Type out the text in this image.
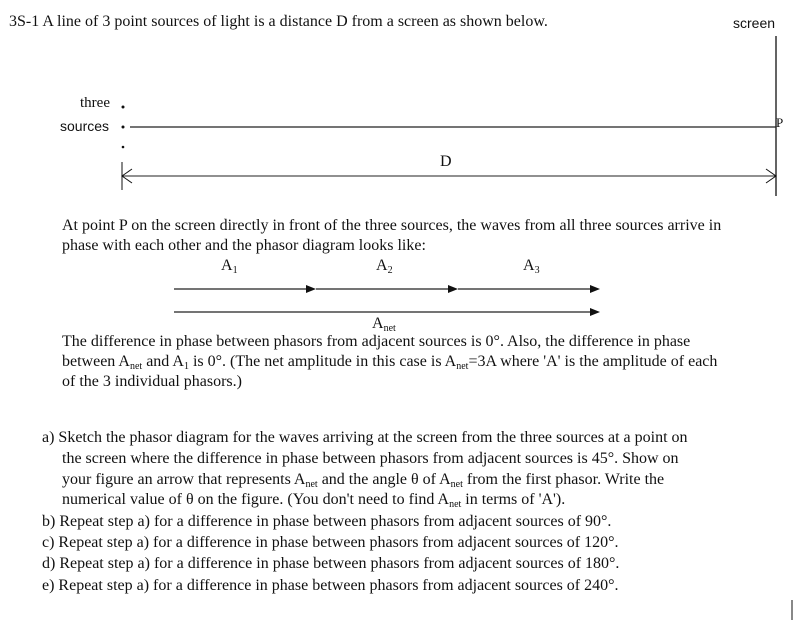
3S-1 A line of 3 point sources of light is a distance D from a screen as shown below.	screen
three
sources	P
D
At point P on the screen directly in front of the three sources, the waves from all three sources arrive in
phase with each other and the phasor diagram looks like:
$A_1$	$A_2$	$A_3$
$A_{net}$
The difference in phase between phasors from adjacent sources is 0°. Also, the difference in phase
between $A_{net}$ and $A_1$ is 0°. (The net amplitude in this case is $A_{net}=3A$ where 'A' is the amplitude of each
of the 3 individual phasors.)
a) Sketch the phasor diagram for the waves arriving at the screen from the three sources at a point on
the screen where the difference in phase between phasors from adjacent sources is 45°. Show on
your figure an arrow that represents $A_{net}$ and the angle θ of $A_{net}$ from the first phasor. Write the
numerical value of θ on the figure. (You don't need to find $A_{net}$ in terms of 'A').
b) Repeat step a) for a difference in phase between phasors from adjacent sources of 90°.
c) Repeat step a) for a difference in phase between phasors from adjacent sources of 120°.
d) Repeat step a) for a difference in phase between phasors from adjacent sources of 180°.
e) Repeat step a) for a difference in phase between phasors from adjacent sources of 240°.
